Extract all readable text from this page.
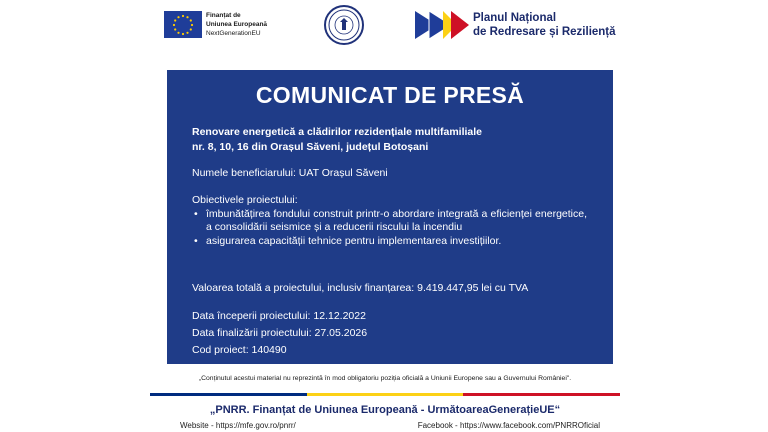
Finanțat de
Uniunea Europeană
NextGenerationEU
Planul Național
de Redresare și Reziliență
COMUNICAT DE PRESĂ
Renovare energetică a clădirilor rezidențiale multifamiliale
nr. 8, 10, 16 din Orașul Săveni, județul Botoșani
Numele beneficiarului: UAT Orașul Săveni
Obiectivele proiectului:
• îmbunătățirea fondului construit printr-o abordare integrată a eficienței energetice, a consolidării seismice și a reducerii riscului la incendiu
• asigurarea capacității tehnice pentru implementarea investițiilor.
Valoarea totală a proiectului, inclusiv finanțarea: 9.419.447,95 lei cu TVA
Data începerii proiectului: 12.12.2022
Data finalizării proiectului: 27.05.2026
Cod proiect: 140490
„Conținutul acestui material nu reprezintă în mod obligatoriu poziția oficială a Uniunii Europene sau a Guvernului României".
„PNRR. Finanțat de Uniunea Europeană - UrmătoareaGenerațieUE“
Website - https://mfe.gov.ro/pnrr/	Facebook - https://www.facebook.com/PNRROficial
